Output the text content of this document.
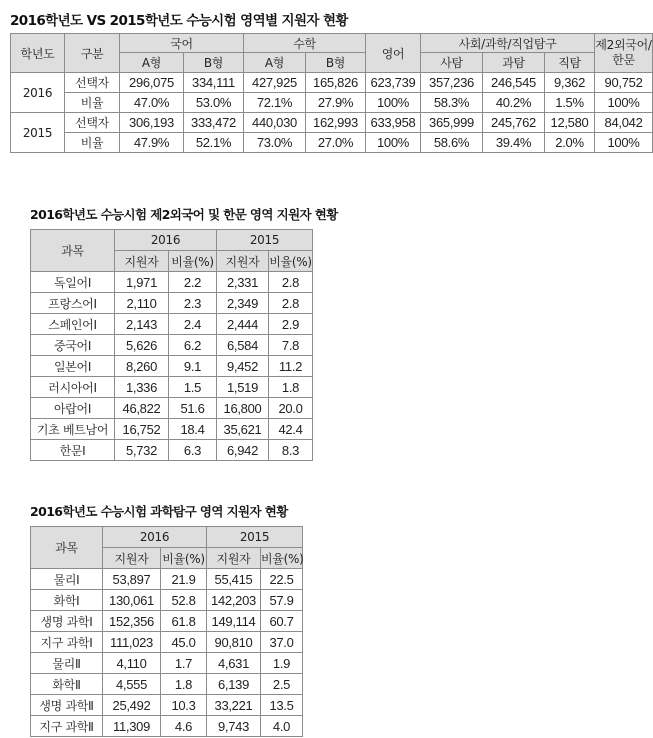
2016학년도 VS 2015학년도 수능시험 영역별 지원자 현황
학년도	구분	국어		수학		영어	사회/과학/직업탐구			제2외국어/한문
		A형	B형	A형	B형		사탐	과탐	직탐	
2016	선택자	296,075	334,111	427,925	165,826	623,739	357,236	246,545	9,362	90,752
	비율	47.0%	53.0%	72.1%	27.9%	100%	58.3%	40.2%	1.5%	100%
2015	선택자	306,193	333,472	440,030	162,993	633,958	365,999	245,762	12,580	84,042
	비율	47.9%	52.1%	73.0%	27.0%	100%	58.6%	39.4%	2.0%	100%
2016학년도 수능시험 제2외국어 및 한문 영역 지원자 현황
과목	2016		2015	
	지원자	비율(%)	지원자	비율(%)
독일어Ⅰ	1,971	2.2	2,331	2.8
프랑스어Ⅰ	2,110	2.3	2,349	2.8
스페인어Ⅰ	2,143	2.4	2,444	2.9
중국어Ⅰ	5,626	6.2	6,584	7.8
일본어Ⅰ	8,260	9.1	9,452	11.2
러시아어Ⅰ	1,336	1.5	1,519	1.8
아랍어Ⅰ	46,822	51.6	16,800	20.0
기초 베트남어	16,752	18.4	35,621	42.4
한문Ⅰ	5,732	6.3	6,942	8.3
2016학년도 수능시험 과학탐구 영역 지원자 현황
과목	2016		2015	
	지원자	비율(%)	지원자	비율(%)
물리Ⅰ	53,897	21.9	55,415	22.5
화학Ⅰ	130,061	52.8	142,203	57.9
생명 과학Ⅰ	152,356	61.8	149,114	60.7
지구 과학Ⅰ	111,023	45.0	90,810	37.0
물리Ⅱ	4,110	1.7	4,631	1.9
화학Ⅱ	4,555	1.8	6,139	2.5
생명 과학Ⅱ	25,492	10.3	33,221	13.5
지구 과학Ⅱ	11,309	4.6	9,743	4.0
